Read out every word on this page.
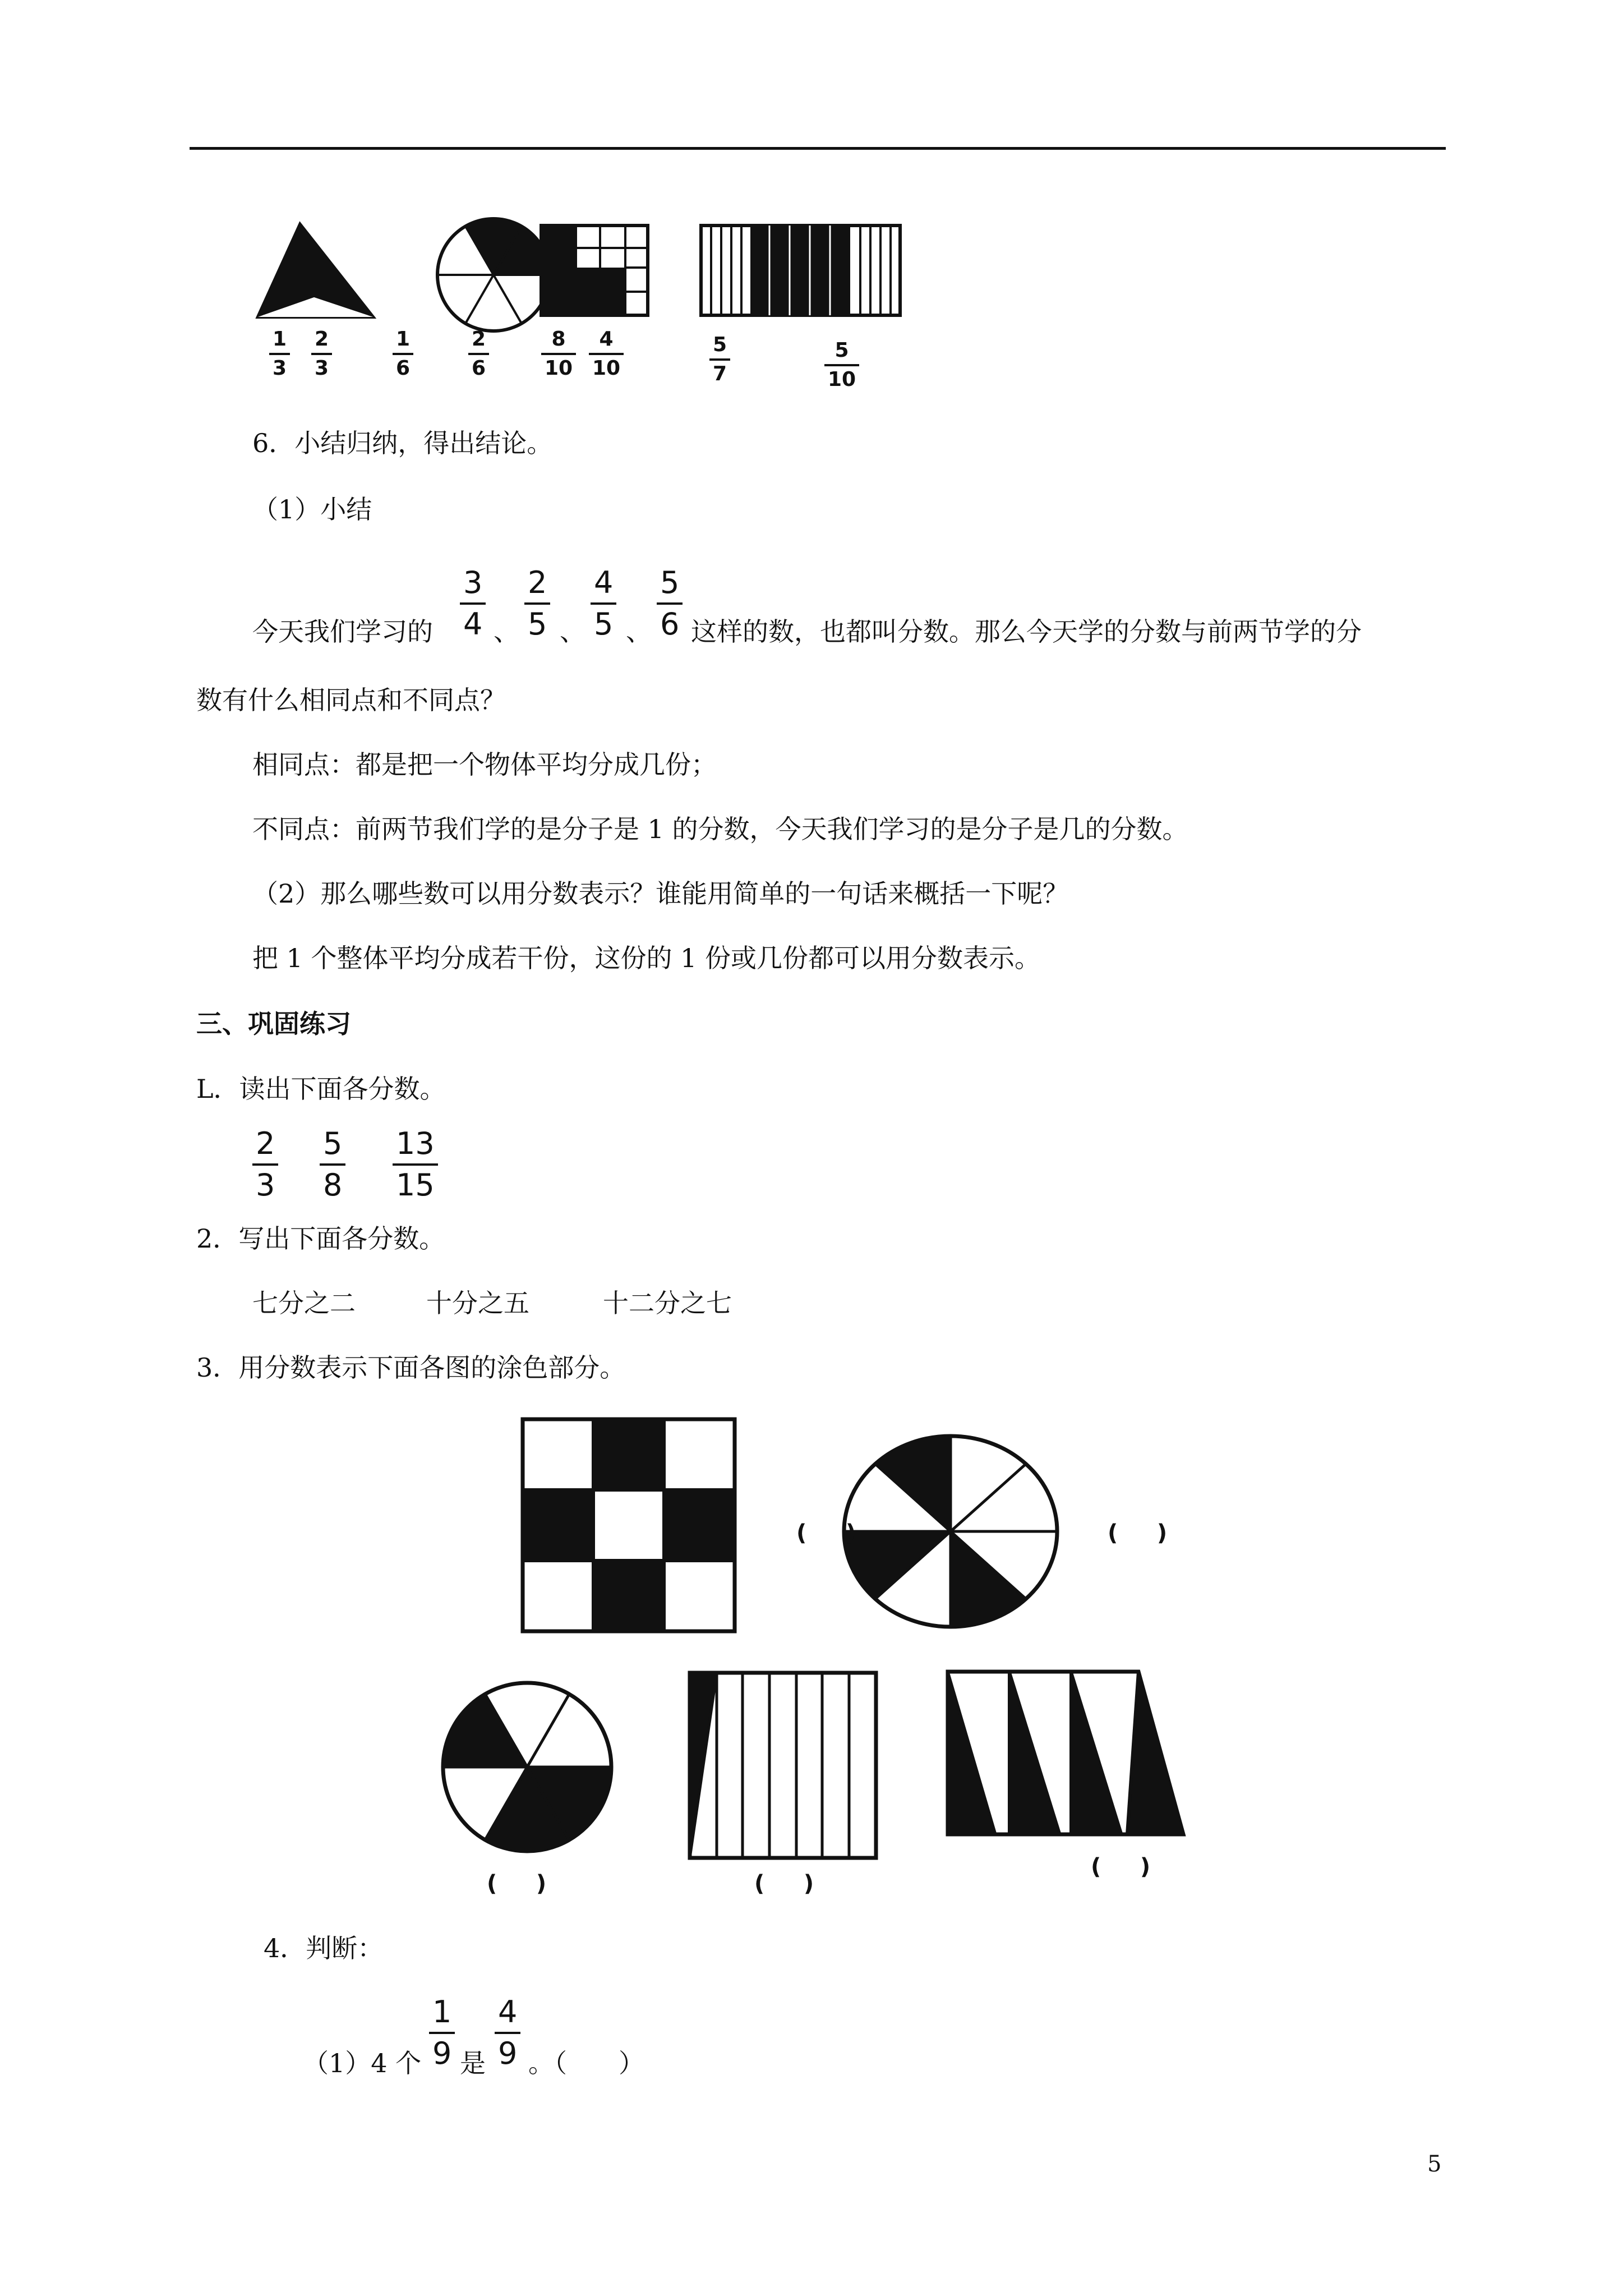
1
3
2
3
1
6
2
6
8
10
4
10
5
7
5
10
6．小结归纳，得出结论。
（1）小结
今天我们学习的
3
4 、
2
5 、
4
5 、
5
6 这样的数，也都叫分数。那么今天学的分数与前两节学的分
数有什么相同点和不同点？
相同点：都是把一个物体平均分成几份；
不同点：前两节我们学的是分子是 1 的分数，今天我们学习的是分子是几的分数。
（2）那么哪些数可以用分数表示？谁能用简单的一句话来概括一下呢？
把 1 个整体平均分成若干份，这份的 1 份或几份都可以用分数表示。
三、巩固练习
L．读出下面各分数。
2
3
5
8
13
15
2．写出下面各分数。
七分之二	十分之五	十二分之七
3．用分数表示下面各图的涂色部分。
(     )	(     )
(     )	(     )
(     )
4．判断：
（1）4 个
1
9 是
4
9 。（　　）
5
